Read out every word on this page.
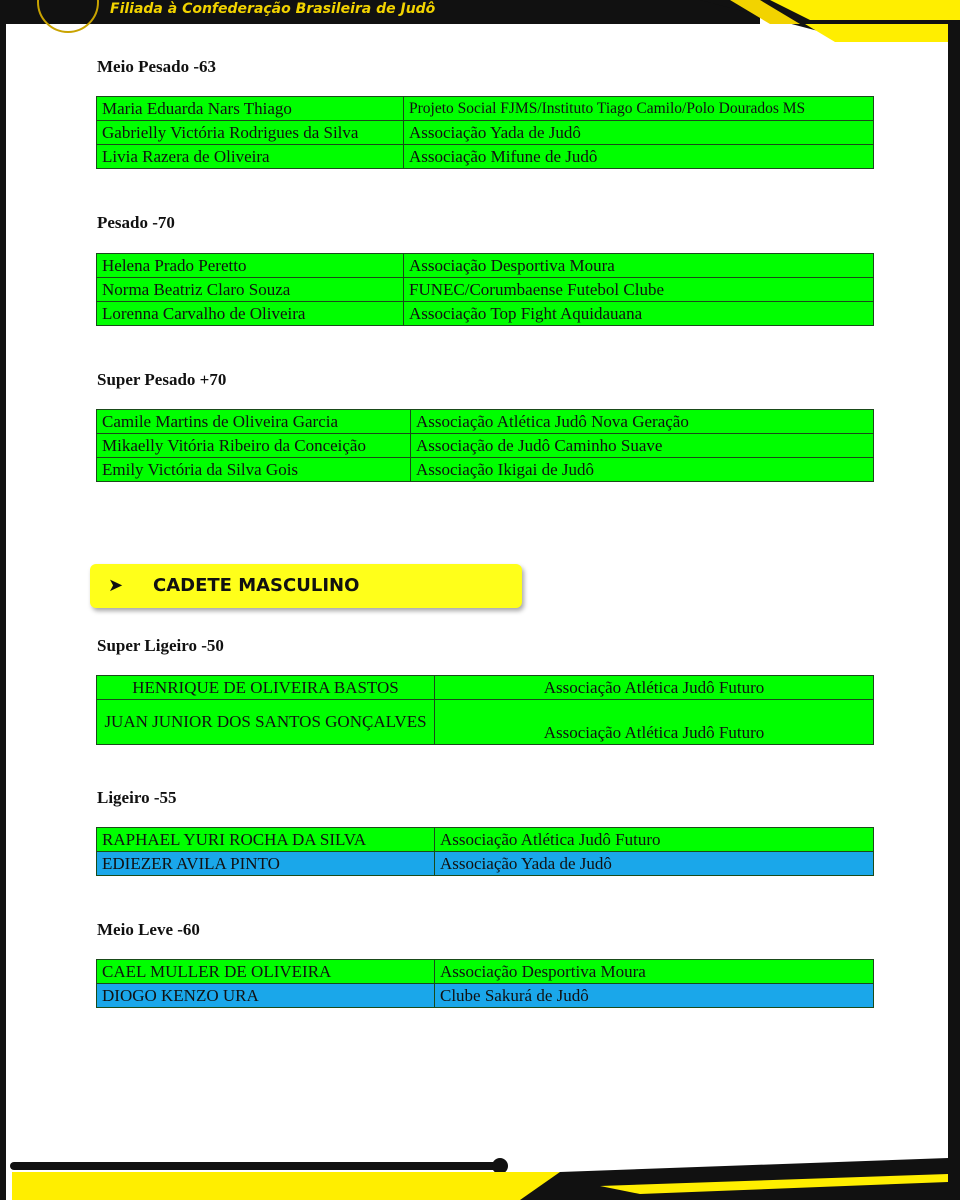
Filiada à Confederação Brasileira de Judô
Meio Pesado -63
Maria Eduarda Nars Thiago	Projeto Social FJMS/Instituto Tiago Camilo/Polo Dourados MS
Gabrielly Victória Rodrigues da Silva	Associação Yada de Judô
Livia Razera de Oliveira	Associação Mifune de Judô
Pesado -70
Helena Prado Peretto	Associação Desportiva Moura
Norma Beatriz Claro Souza	FUNEC/Corumbaense Futebol Clube
Lorenna Carvalho de Oliveira	Associação Top Fight Aquidauana
Super Pesado +70
Camile Martins de Oliveira Garcia	Associação Atlética Judô Nova Geração
Mikaelly Vitória Ribeiro da Conceição	Associação de Judô Caminho Suave
Emily Victória da Silva Gois	Associação Ikigai de Judô
➤ CADETE MASCULINO
Super Ligeiro -50
HENRIQUE DE OLIVEIRA BASTOS	Associação Atlética Judô Futuro
JUAN JUNIOR DOS SANTOS GONÇALVES	Associação Atlética Judô Futuro
Ligeiro -55
RAPHAEL YURI ROCHA DA SILVA	Associação Atlética Judô Futuro
EDIEZER AVILA PINTO	Associação Yada de Judô
Meio Leve -60
CAEL MULLER DE OLIVEIRA	Associação Desportiva Moura
DIOGO KENZO URA	Clube Sakurá de Judô
